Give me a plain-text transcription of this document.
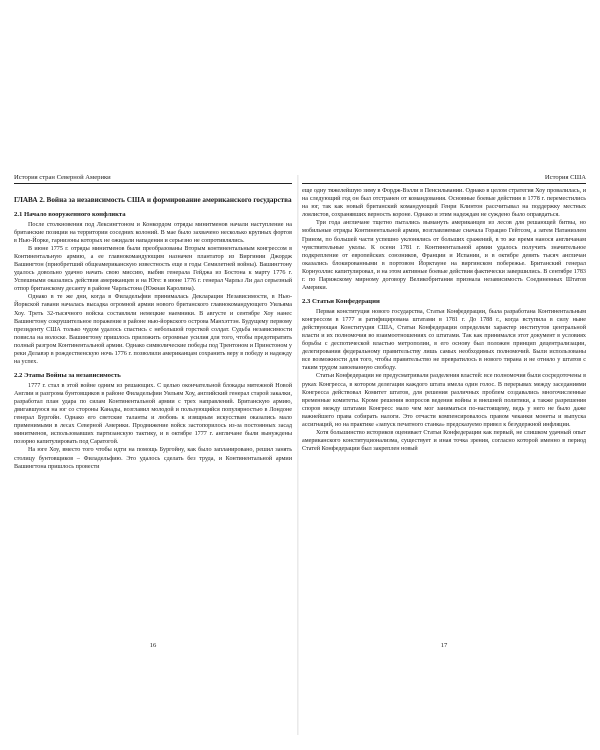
История стран Северной Америки
ГЛАВА 2. Война за независимость США и формирование американского государства
2.1 Начало вооруженного конфликта

После столкновения под Лексингтоном и Конкордом отряды минитменов начали наступление на британские позиции на территории соседних колоний. В мае было захвачено несколько крупных фортов в Нью-Йорке, гарнизоны которых не ожидали нападения и серьезно не сопротивлялись.

В июне 1775 г. отряды минитменов были преобразованы Вторым континентальным конгрессом в Континентальную армию, а ее главнокомандующим назначен плантатор из Виргинии Джордж Вашингтон (приобретший общеамериканскую известность еще в годы Семилетней войны). Вашингтону удалось довольно удачно начать свою миссию, выбив генерала Гейджа из Бостона к марту 1776 г. Успешными оказались действия американцев и на Юге: в июне 1776 г. генерал Чарльз Ли дал серьезный отпор британскому десанту в районе Чарльстона (Южная Каролина).

Однако в те же дни, когда в Филадельфии принималась Декларация Независимости, в Нью-Йоркской гавани началась высадка огромной армии нового британского главнокомандующего Уильяма Хоу. Треть 32-тысячного войска составляли немецкие наемники. В августе и сентябре Хоу нанес Вашингтону сокрушительное поражение в районе нью-йоркского острова Манхэттэн. Будущему первому президенту США только чудом удалось спастись с небольшой горсткой солдат. Судьба независимости повисла на волоске. Вашингтону пришлось приложить огромные усилия для того, чтобы предотвратить полный разгром Континентальной армии. Однако символические победы под Трентоном и Принстоном у реки Делавэр в рождественскую ночь 1776 г. позволили американцам сохранить веру в победу и надежду на успех.

2.2 Этапы Войны за независимость

1777 г. стал в этой войне одним из решающих. С целью окончательной блокады мятежной Новой Англии и разгрома бунтовщиков в районе Филадельфии Уильям Хоу, английский генерал старой закалки, разработал план удара по силам Континентальной армии с трех направлений. Британскую армию, двигавшуюся на юг со стороны Канады, возглавил молодой и пользующийся популярностью в Лондоне генерал Бургойн. Однако его светские таланты и любовь к изящным искусствам оказались мало применимыми в лесах Северной Америки. Продвижение войск застопорилось из-за постоянных засад минитменов, использовавших партизанскую тактику, и в октябре 1777 г. англичане были вынуждены позорно капитулировать под Саратогой.

На юге Хоу, вместо того чтобы идти на помощь Бургойну, как было запланировано, решил занять столицу бунтовщиков – Филадельфию. Это удалось сделать без труда, и Континентальной армии Вашингтона пришлось провести

16
История США

еще одну тяжелейшую зиму в Фордж-Вэлли в Пенсильвании. Однако в целом стратегия Хоу провалилась, и на следующий год он был отстранен от командования. Основные боевые действия в 1778 г. переместились на юг, так как новый британский командующий Генри Клинтон рассчитывал на поддержку местных лоялистов, сохранявших верность короне. Однако и этим надеждам не суждено было оправдаться.

Три года англичане тщетно пытались вымануть американцев из лесов для решающей битвы, но мобильные отряды Континентальной армии, возглавляемые сначала Горацио Гейтсом, а затем Натаниэлем Грином, по большей части успешно уклонялись от больших сражений, в то же время нанося англичанам чувствительные уколы. К осени 1781 г. Континентальной армии удалось получить значительное подкрепление от европейских союзников, Франции и Испании, и в октябре девять тысяч англичан оказались блокированными в портовом Йорктауне на виргинском побережье. Британский генерал Корнуоллис капитулировал, и на этом активные боевые действия фактически завершились. В сентябре 1783 г. по Парижскому мирному договору Великобритания признала независимость Соединенных Штатов Америки.

2.3 Статьи Конфедерации

Первая конституция нового государства, Статьи Конфедерации, была разработана Континентальным конгрессом в 1777 и ратифицирована штатами в 1781 г. До 1788 г., когда вступила в силу ныне действующая Конституция США, Статьи Конфедерации определяли характер институтов центральной власти и их полномочия во взаимоотношениях со штатами. Так как принимался этот документ в условиях борьбы с деспотической властью метрополии, в его основу был положен принцип децентрализации, делегирования федеральному правительству лишь самых необходимых полномочий. Были использованы все возможности для того, чтобы правительство не превратилось в нового тирана и не отняло у штатов с таким трудом завоеванную свободу.

Статьи Конфедерации не предусматривали разделения властей: все полномочия были сосредоточены в руках Конгресса, в котором делегация каждого штата имела один голос. В перерывах между заседаниями Конгресса действовал Комитет штатов, для решения различных проблем создавались многочисленные временные комитеты. Кроме решения вопросов ведения войны и внешней политики, а также разрешения споров между штатами Конгресс мало чем мог заниматься по-настоящему, ведь у него не было даже важнейшего права собирать налоги. Это отчасти компенсировалось правом чеканки монеты и выпуска ассигнаций, но на практике «запуск печатного станка» предсказуемо привел к безудержной инфляции.

Хотя большинство историков оценивает Статьи Конфедерации как первый, не слишком удачный опыт американского конституционализма, существует и иная точка зрения, согласно которой именно в период Статей Конфедерации был закреплен новый

17
